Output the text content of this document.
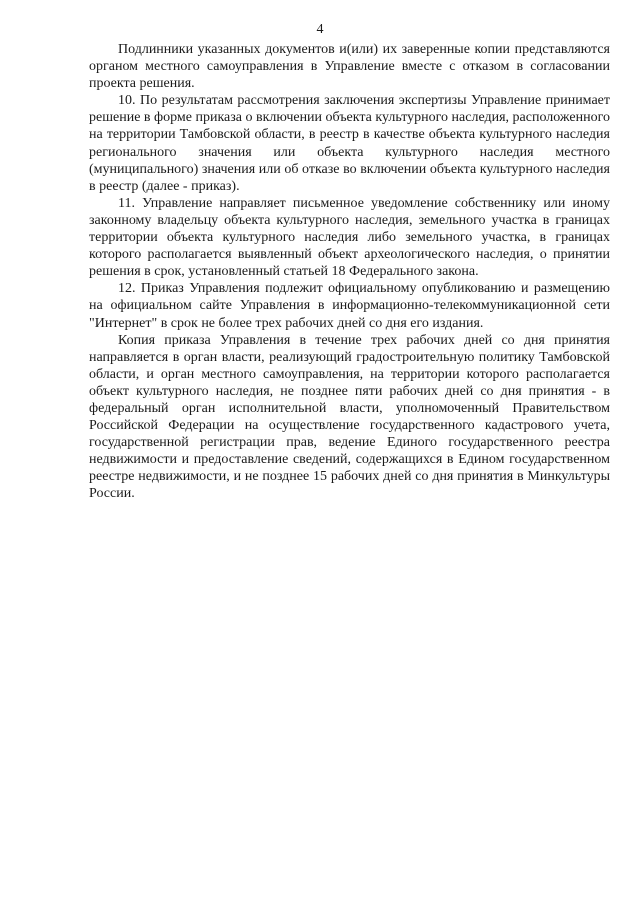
4

Подлинники указанных документов и(или) их заверенные копии представляются органом местного самоуправления в Управление вместе с отказом в согласовании проекта решения.

10. По результатам рассмотрения заключения экспертизы Управление принимает решение в форме приказа о включении объекта культурного наследия, расположенного на территории Тамбовской области, в реестр в качестве объекта культурного наследия регионального значения или объекта культурного наследия местного (муниципального) значения или об отказе во включении объекта культурного наследия в реестр (далее - приказ).

11. Управление направляет письменное уведомление собственнику или иному законному владельцу объекта культурного наследия, земельного участка в границах территории объекта культурного наследия либо земельного участка, в границах которого располагается выявленный объект археологического наследия, о принятии решения в срок, установленный статьей 18 Федерального закона.

12. Приказ Управления подлежит официальному опубликованию и размещению на официальном сайте Управления в информационно-телекоммуникационной сети "Интернет" в срок не более трех рабочих дней со дня его издания.

Копия приказа Управления в течение трех рабочих дней со дня принятия направляется в орган власти, реализующий градостроительную политику Тамбовской области, и орган местного самоуправления, на территории которого располагается объект культурного наследия, не позднее пяти рабочих дней со дня принятия - в федеральный орган исполнительной власти, уполномоченный Правительством Российской Федерации на осуществление государственного кадастрового учета, государственной регистрации прав, ведение Единого государственного реестра недвижимости и предоставление сведений, содержащихся в Едином государственном реестре недвижимости, и не позднее 15 рабочих дней со дня принятия в Минкультуры России.
